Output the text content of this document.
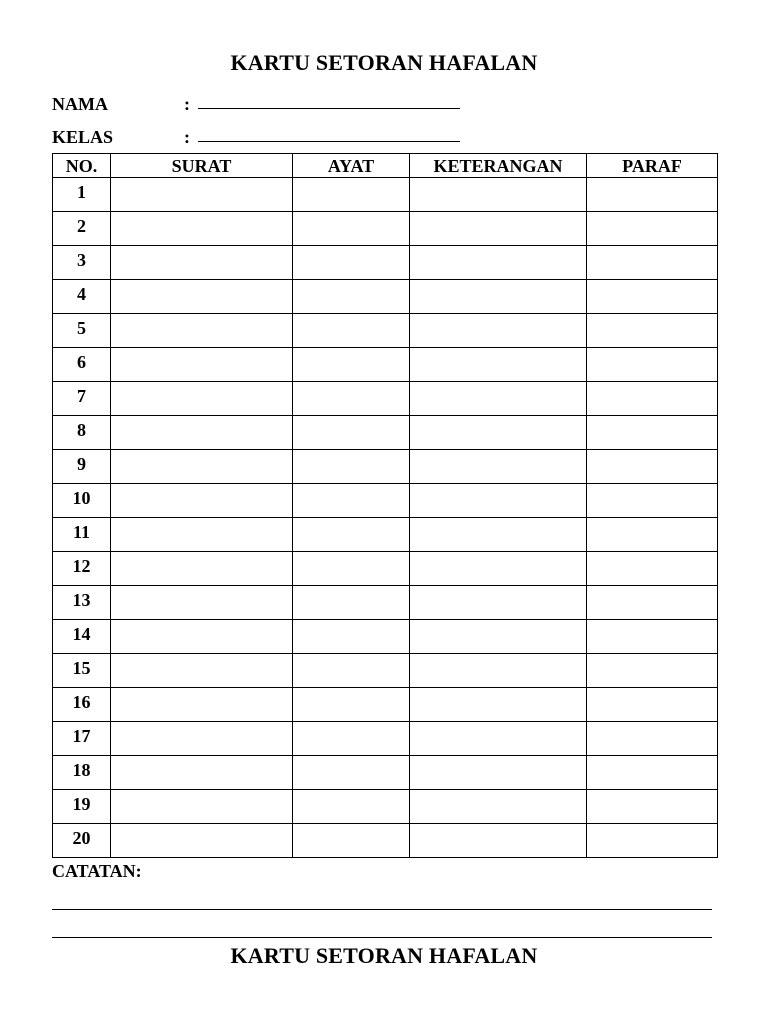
KARTU SETORAN HAFALAN
NAMA	:
KELAS	:
NO.	SURAT	AYAT	KETERANGAN	PARAF
1				
2				
3				
4				
5				
6				
7				
8				
9				
10				
11				
12				
13				
14				
15				
16				
17				
18				
19				
20				
CATATAN:
KARTU SETORAN HAFALAN
